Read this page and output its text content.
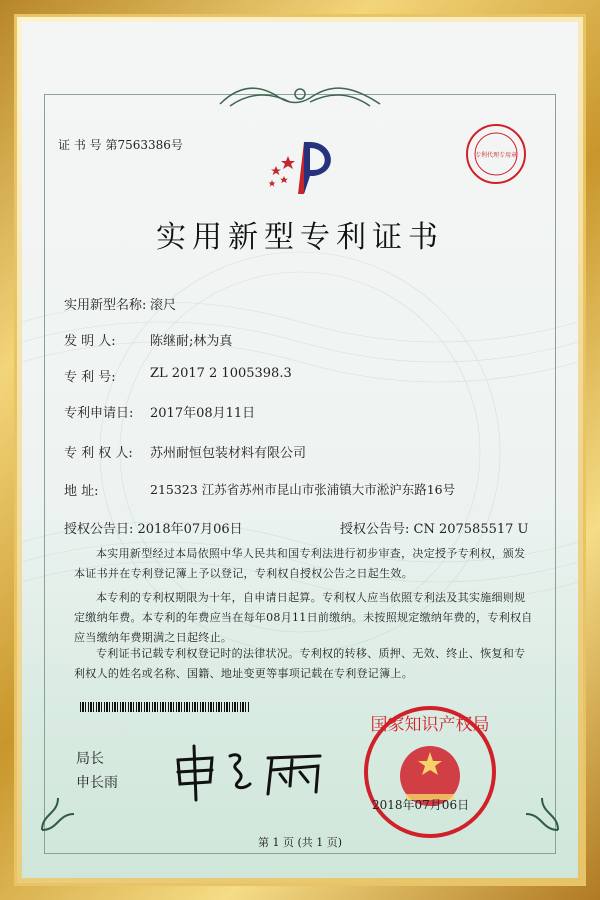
证 书 号 第7563386号
专利代理专用章
实用新型专利证书
实用新型名称: 滚尺
发 明 人:	陈继耐;林为真
专 利 号:	ZL 2017 2 1005398.3
专利申请日: 2017年08月11日
专 利 权 人: 苏州耐恒包装材料有限公司
地 址:	215323 江苏省苏州市昆山市张浦镇大市淞沪东路16号
授权公告日: 2018年07月06日	授权公告号: CN 207585517 U
本实用新型经过本局依照中华人民共和国专利法进行初步审查，决定授予专利权，颁发本证书并在专利登记簿上予以登记，专利权自授权公告之日起生效。
本专利的专利权期限为十年，自申请日起算。专利权人应当依照专利法及其实施细则规定缴纳年费。本专利的年费应当在每年08月11日前缴纳。未按照规定缴纳年费的，专利权自应当缴纳年费期满之日起终止。
专利证书记载专利权登记时的法律状况。专利权的转移、质押、无效、终止、恢复和专利权人的姓名或名称、国籍、地址变更等事项记载在专利登记簿上。
局长
申长雨
国家知识产权局
2018年07月06日
第 1 页 (共 1 页)
